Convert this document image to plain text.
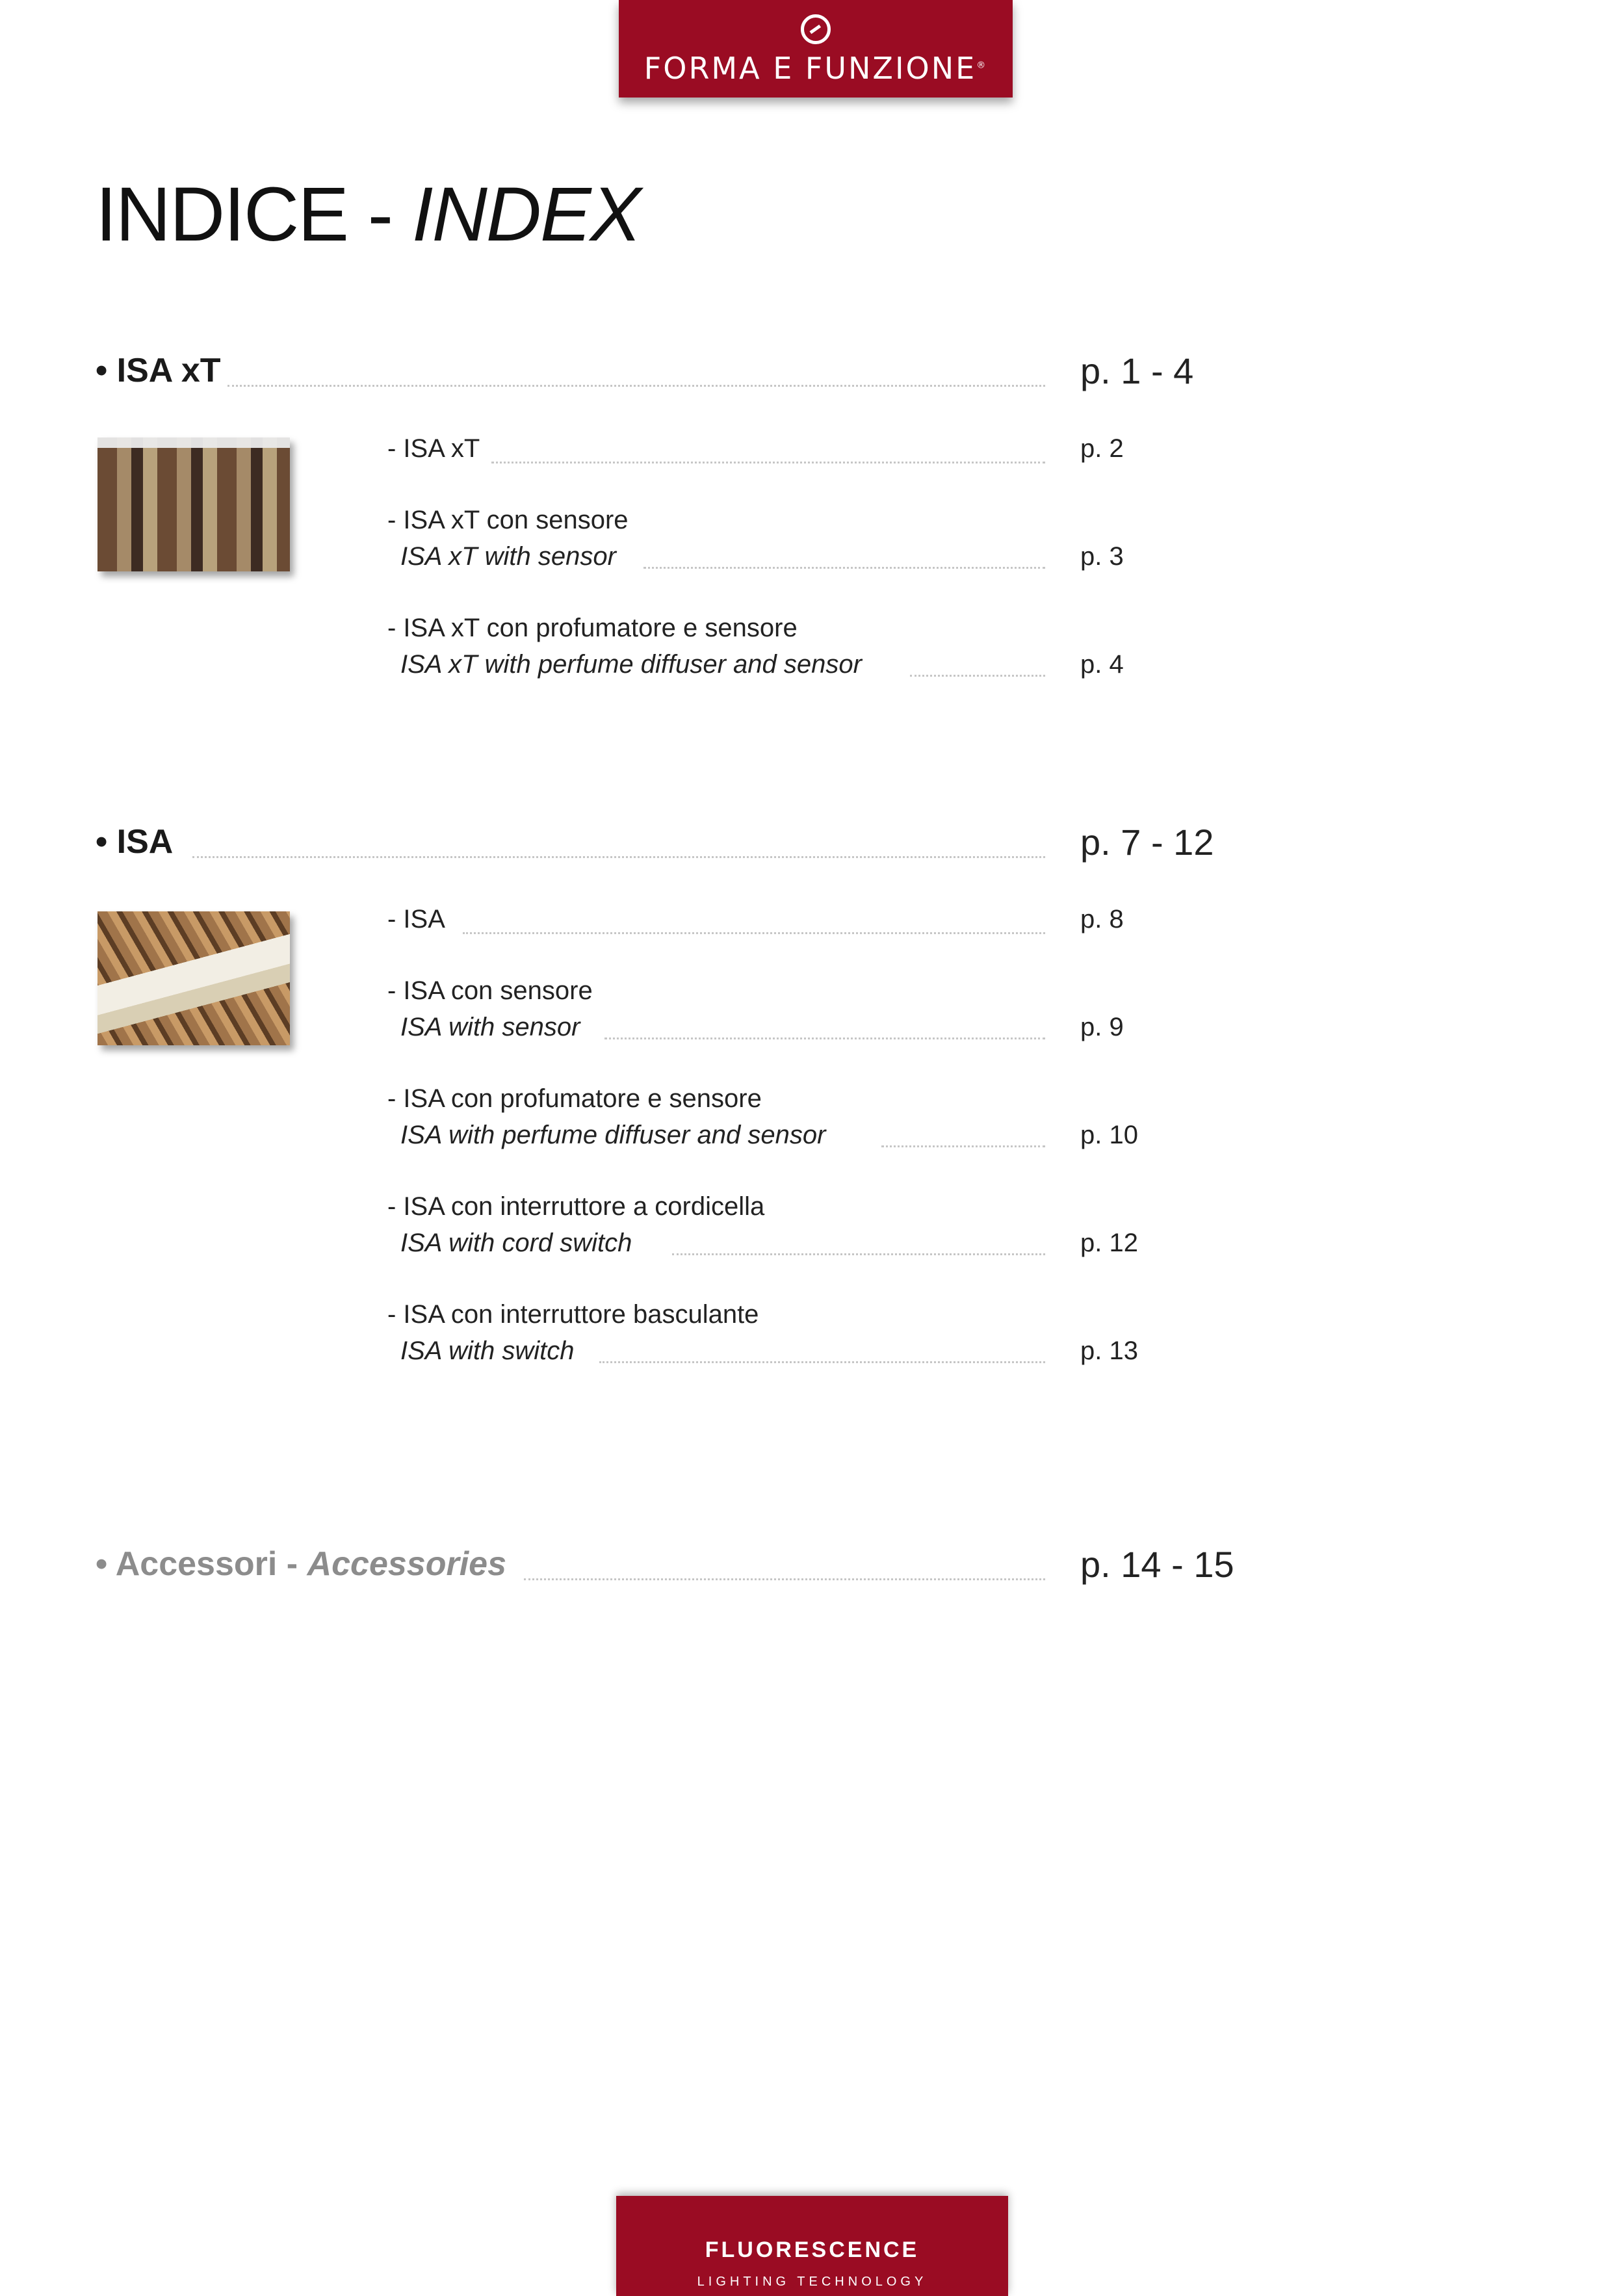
FORMA E FUNZIONE®
INDICE - INDEX
• ISA xT	p. 1 - 4
- ISA xT	p. 2
- ISA xT con sensore
ISA xT with sensor	p. 3
- ISA xT con profumatore e sensore
ISA xT with perfume diffuser and sensor	p. 4
• ISA	p. 7 - 12
- ISA	p. 8
- ISA con sensore
ISA with sensor	p. 9
- ISA con profumatore e sensore
ISA with perfume diffuser and sensor	p. 10
- ISA con interruttore a cordicella
ISA with cord switch	p. 12
- ISA con interruttore basculante
ISA with switch	p. 13
• Accessori - Accessories	p. 14 - 15
FLUORESCENCE
LIGHTING TECHNOLOGY
